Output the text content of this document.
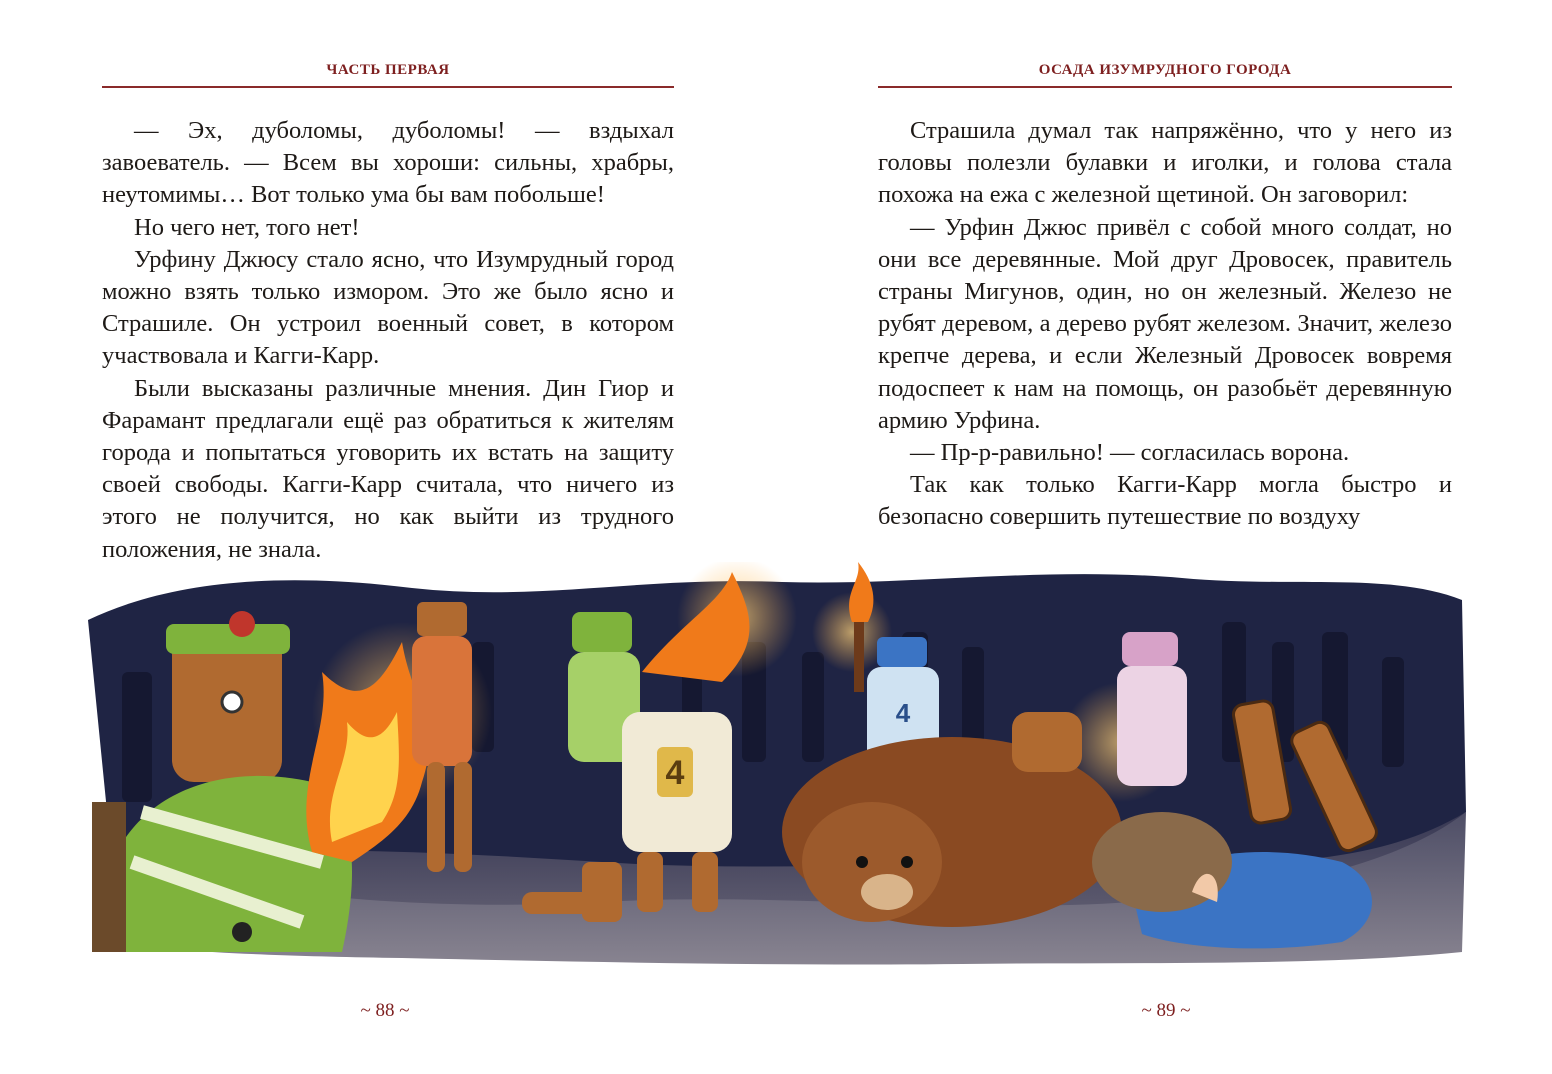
ЧАСТЬ ПЕРВАЯ

— Эх, дуболомы, дуболомы! — вздыхал завоеватель. — Всем вы хороши: сильны, храбры, неутомимы… Вот только ума бы вам побольше!

Но чего нет, того нет!

Урфину Джюсу стало ясно, что Изумрудный город можно взять только измором. Это же было ясно и Страшиле. Он устроил военный совет, в котором участвовала и Кагги-Карр.

Были высказаны различные мнения. Дин Гиор и Фарамант предлагали ещё раз обратиться к жителям города и попытаться уговорить их встать на защиту своей свободы. Кагги-Карр считала, что ничего из этого не получится, но как выйти из трудного положения, не знала.

~ 88 ~
ОСАДА ИЗУМРУДНОГО ГОРОДА

Страшила думал так напряжённо, что у него из головы полезли булавки и иголки, и голова стала похожа на ежа с железной щетиной. Он заговорил:

— Урфин Джюс привёл с собой много солдат, но они все деревянные. Мой друг Дровосек, правитель страны Мигунов, один, но он железный. Железо не рубят деревом, а дерево рубят железом. Значит, железо крепче дерева, и если Железный Дровосек вовремя подоспеет к нам на помощь, он разобьёт деревянную армию Урфина.

— Пр-р-равильно! — согласилась ворона.

Так как только Кагги-Карр могла быстро и безопасно совершить путешествие по воздуху

~ 89 ~
4
4
